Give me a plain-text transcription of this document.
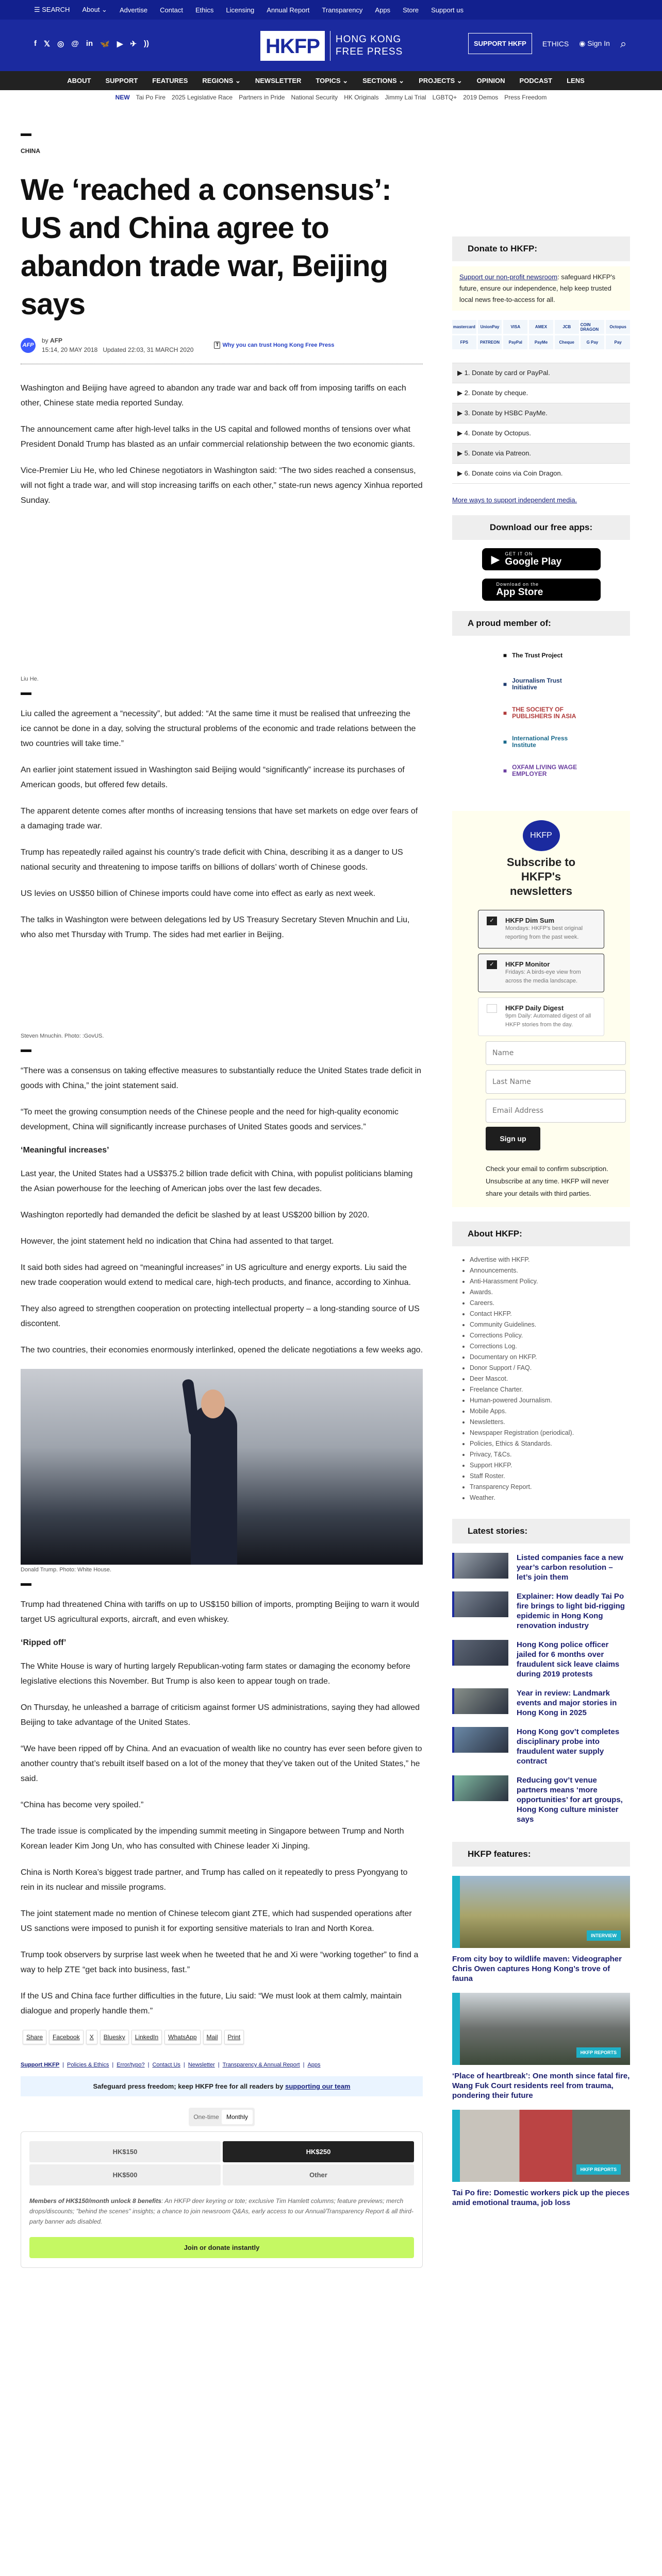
☰ SEARCH About ⌄ Advertise Contact Ethics Licensing Annual Report Transparency Apps Store Support us
f 𝕏 ◎ @ in 🦋 ▶ ✈ ))	HKFP	HONG KONG
FREE PRESS
SUPPORT HKFP	ETHICS ◉ Sign In ⌕
ABOUT SUPPORT FEATURES REGIONS ⌄ NEWSLETTER TOPICS ⌄ SECTIONS ⌄ PROJECTS ⌄ OPINION PODCAST LENS
NEW Tai Po Fire 2025 Legislative Race Partners in Pride National Security HK Originals Jimmy Lai Trial LGBTQ+ 2019 Demos Press Freedom
CHINA
We ‘reached a consensus’: US and China agree to abandon trade war, Beijing says
AFP
by AFP
15:14, 20 MAY 2018 Updated 22:03, 31 MARCH 2020
T Why you can trust Hong Kong Free Press

Washington and Beijing have agreed to abandon any trade war and back off from imposing tariffs on each other, Chinese state media reported Sunday.

The announcement came after high-level talks in the US capital and followed months of tensions over what President Donald Trump has blasted as an unfair commercial relationship between the two economic giants.

Vice-Premier Liu He, who led Chinese negotiators in Washington said: “The two sides reached a consensus, will not fight a trade war, and will stop increasing tariffs on each other,” state-run news agency Xinhua reported Sunday.

Liu He.

Liu called the agreement a “necessity”, but added: “At the same time it must be realised that unfreezing the ice cannot be done in a day, solving the structural problems of the economic and trade relations between the two countries will take time.”

An earlier joint statement issued in Washington said Beijing would “significantly” increase its purchases of American goods, but offered few details.

The apparent detente comes after months of increasing tensions that have set markets on edge over fears of a damaging trade war.

Trump has repeatedly railed against his country’s trade deficit with China, describing it as a danger to US national security and threatening to impose tariffs on billions of dollars’ worth of Chinese goods.

US levies on US$50 billion of Chinese imports could have come into effect as early as next week.

The talks in Washington were between delegations led by US Treasury Secretary Steven Mnuchin and Liu, who also met Thursday with Trump. The sides had met earlier in Beijing.

Steven Mnuchin. Photo: :GovUS.

“There was a consensus on taking effective measures to substantially reduce the United States trade deficit in goods with China,” the joint statement said.

“To meet the growing consumption needs of the Chinese people and the need for high-quality economic development, China will significantly increase purchases of United States goods and services.”

‘Meaningful increases’

Last year, the United States had a US$375.2 billion trade deficit with China, with populist politicians blaming the Asian powerhouse for the leeching of American jobs over the last few decades.

Washington reportedly had demanded the deficit be slashed by at least US$200 billion by 2020.

However, the joint statement held no indication that China had assented to that target.

It said both sides had agreed on “meaningful increases” in US agriculture and energy exports. Liu said the new trade cooperation would extend to medical care, high-tech products, and finance, according to Xinhua.

They also agreed to strengthen cooperation on protecting intellectual property – a long-standing source of US discontent.

The two countries, their economies enormously interlinked, opened the delicate negotiations a few weeks ago.

Donald Trump. Photo: White House.

Trump had threatened China with tariffs on up to US$150 billion of imports, prompting Beijing to warn it would target US agricultural exports, aircraft, and even whiskey.

‘Ripped off’

The White House is wary of hurting largely Republican-voting farm states or damaging the economy before legislative elections this November. But Trump is also keen to appear tough on trade.

On Thursday, he unleashed a barrage of criticism against former US administrations, saying they had allowed Beijing to take advantage of the United States.

“We have been ripped off by China. And an evacuation of wealth like no country has ever seen before given to another country that’s rebuilt itself based on a lot of the money that they’ve taken out of the United States,” he said.

“China has become very spoiled.”

The trade issue is complicated by the impending summit meeting in Singapore between Trump and North Korean leader Kim Jong Un, who has consulted with Chinese leader Xi Jinping.

China is North Korea’s biggest trade partner, and Trump has called on it repeatedly to press Pyongyang to rein in its nuclear and missile programs.

The joint statement made no mention of Chinese telecom giant ZTE, which had suspended operations after US sanctions were imposed to punish it for exporting sensitive materials to Iran and North Korea.

Trump took observers by surprise last week when he tweeted that he and Xi were “working together” to find a way to help ZTE “get back into business, fast.”

If the US and China face further difficulties in the future, Liu said: “We must look at them calmly, maintain dialogue and properly handle them.”

Share	Facebook	X	Bluesky	LinkedIn	WhatsApp	Mail	Print
Support HKFP | Policies & Ethics | Error/typo? | Contact Us | Newsletter | Transparency & Annual Report | Apps
Safeguard press freedom; keep HKFP free for all readers by supporting our team
One-time	Monthly
HK$150	HK$250
HK$500	Other
Members of HK$150/month unlock 8 benefits: An HKFP deer keyring or tote; exclusive Tim Hamlett columns; feature previews; merch drops/discounts; "behind the scenes" insights; a chance to join newsroom Q&As, early access to our Annual/Transparency Report & all third-party banner ads disabled.
Join or donate instantly
Donate to HKFP:
Support our non-profit newsroom: safeguard HKFP's future, ensure our independence, help keep trusted local news free-to-access for all.
mastercard	UnionPay	VISA	AMEX	JCB	COIN DRAGON	Octopus
FPS	PATREON	PayPal	PayMe	Cheque	G Pay	Pay
▶ 1. Donate by card or PayPal.
▶ 2. Donate by cheque.
▶ 3. Donate by HSBC PayMe.
▶ 4. Donate by Octopus.
▶ 5. Donate via Patreon.
▶ 6. Donate coins via Coin Dragon.
More ways to support independent media.
Download our free apps:
▶ GET IT ON
Google Play
Download on the
App Store
A proud member of:
■ The Trust Project
■ Journalism Trust Initiative
■ THE SOCIETY OF PUBLISHERS IN ASIA
■ International Press Institute
■ OXFAM LIVING WAGE EMPLOYER
HKFP
Subscribe to HKFP's newsletters
✓	HKFP Dim Sum
Mondays: HKFP's best original reporting from the past week.
✓	HKFP Monitor
Fridays: A birds-eye view from across the media landscape.
HKFP Daily Digest
9pm Daily: Automated digest of all HKFP stories from the day.
Name
Last Name
Email Address
Sign up

Check your email to confirm subscription. Unsubscribe at any time. HKFP will never share your details with third parties.

About HKFP:
• Advertise with HKFP.
• Announcements.
• Anti-Harassment Policy.
• Awards.
• Careers.
• Contact HKFP.
• Community Guidelines.
• Corrections Policy.
• Corrections Log.
• Documentary on HKFP.
• Donor Support / FAQ.
• Deer Mascot.
• Freelance Charter.
• Human-powered Journalism.
• Mobile Apps.
• Newsletters.
• Newspaper Registration (periodical).
• Policies, Ethics & Standards.
• Privacy, T&Cs.
• Support HKFP.
• Staff Roster.
• Transparency Report.
• Weather.
Latest stories:
Listed companies face a new year’s carbon resolution – let’s join them
Explainer: How deadly Tai Po fire brings to light bid-rigging epidemic in Hong Kong renovation industry
Hong Kong police officer jailed for 6 months over fraudulent sick leave claims during 2019 protests
Year in review: Landmark events and major stories in Hong Kong in 2025
Hong Kong gov’t completes disciplinary probe into fraudulent water supply contract
Reducing gov’t venue partners means ‘more opportunities’ for art groups, Hong Kong culture minister says
HKFP features:
INTERVIEW
From city boy to wildlife maven: Videographer Chris Owen captures Hong Kong’s trove of fauna
HKFP REPORTS
‘Place of heartbreak’: One month since fatal fire, Wang Fuk Court residents reel from trauma, pondering their future
HKFP REPORTS
Tai Po fire: Domestic workers pick up the pieces amid emotional trauma, job loss
